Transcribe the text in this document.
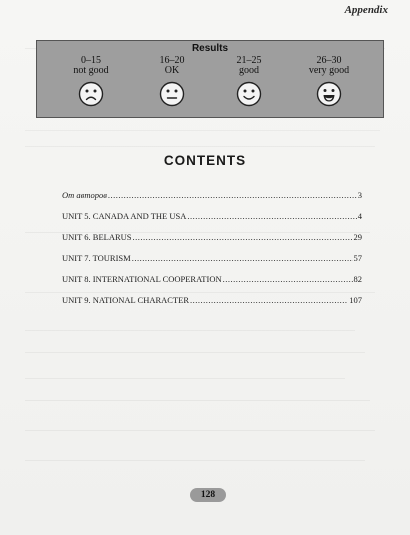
Appendix
Results
0–15
not good
16–20
OK
21–25
good
26–30
very good
CONTENTS
От авторов .....	3
UNIT 5. CANADA AND THE USA .....	4
UNIT 6. BELARUS .....	29
UNIT 7. TOURISM .....	57
UNIT 8. INTERNATIONAL COOPERATION .....	82
UNIT 9. NATIONAL CHARACTER .....	107
128
